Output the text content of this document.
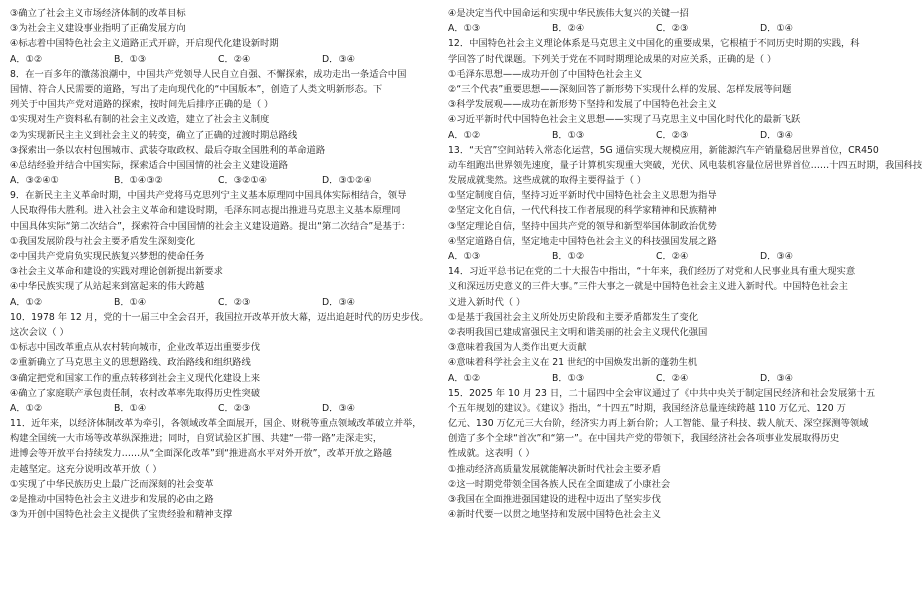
③确立了社会主义市场经济体制的改革目标
③为社会主义建设事业指明了正确发展方向
④标志着中国特色社会主义道路正式开辟，开启现代化建设新时期
A．①②	B．①③	C．②④	D．③④
8．在一百多年的激荡浪潮中，中国共产党领导人民自立自强、不懈探索，成功走出一条适合中国
国情、符合人民需要的道路，写出了走向现代化的“中国版本”，创造了人类文明新形态。下
列关于中国共产党对道路的探索，按时间先后排序正确的是（ ）
①实现对生产资料私有制的社会主义改造，建立了社会主义制度
②为实现新民主主义到社会主义的转变，确立了正确的过渡时期总路线
③探索出一条以农村包围城市、武装夺取政权、最后夺取全国胜利的革命道路
④总结经验并结合中国实际，探索适合中国国情的社会主义建设道路
A．③②④①	B．①④③②	C．③②①④	D．③①②④
9．在新民主主义革命时期，中国共产党将马克思列宁主义基本原理同中国具体实际相结合，领导
人民取得伟大胜利。进入社会主义革命和建设时期，毛泽东同志提出推进马克思主义基本原理同
中国具体实际“第二次结合”，探索符合中国国情的社会主义建设道路。提出“第二次结合”是基于：
①我国发展阶段与社会主要矛盾发生深刻变化
②中国共产党肩负实现民族复兴梦想的使命任务
③社会主义革命和建设的实践对理论创新提出新要求
④中华民族实现了从站起来到富起来的伟大跨越
A．①②	B．①④	C．②③	D．③④
10．1978 年 12 月，党的十一届三中全会召开，我国拉开改革开放大幕，迈出追赶时代的历史步伐。
这次会议（ ）
①标志中国改革重点从农村转向城市，企业改革迈出重要步伐
②重新确立了马克思主义的思想路线、政治路线和组织路线
③确定把党和国家工作的重点转移到社会主义现代化建设上来
④确立了家庭联产承包责任制，农村改革率先取得历史性突破
A．①②	B．①④	C．②③	D．③④
11．近年来，以经济体制改革为牵引，各领域改革全面展开，国企、财税等重点领域改革破立并举，
构建全国统一大市场等改革纵深推进；同时，自贸试验区扩围、共建“一带一路”走深走实，
进博会等开放平台持续发力……从“全面深化改革”到“推进高水平对外开放”，改革开放之路越
走越坚定。这充分说明改革开放（ ）
①实现了中华民族历史上最广泛而深刻的社会变革
②是推动中国特色社会主义进步和发展的必由之路
③为开创中国特色社会主义提供了宝贵经验和精神支撑
④是决定当代中国命运和实现中华民族伟大复兴的关键一招
A．①③	B．②④	C．②③	D．①④
12．中国特色社会主义理论体系是马克思主义中国化的重要成果，它根植于不同历史时期的实践，科
学回答了时代课题。下列关于党在不同时期理论成果的对应关系，正确的是（ ）
①毛泽东思想——成功开创了中国特色社会主义
②“三个代表”重要思想——深刻回答了新形势下实现什么样的发展、怎样发展等问题
③科学发展观——成功在新形势下坚持和发展了中国特色社会主义
④习近平新时代中国特色社会主义思想——实现了马克思主义中国化时代化的最新飞跃
A．①②	B．①③	C．②③	D．③④
13．“天宫”空间站转入常态化运营，5G 通信实现大规模应用，新能源汽车产销量稳居世界首位，CR450
动车组跑出世界领先速度，量子计算机实现重大突破，光伏、风电装机容量位居世界首位……十四五时期，我国科技
发展成就斐然。这些成就的取得主要得益于（ ）
①坚定制度自信，坚持习近平新时代中国特色社会主义思想为指导
②坚定文化自信，一代代科技工作者展现的科学家精神和民族精神
③坚定理论自信，坚持中国共产党的领导和新型举国体制政治优势
④坚定道路自信，坚定地走中国特色社会主义的科技强国发展之路
A．①③	B．①②	C．②④	D．③④
14．习近平总书记在党的二十大报告中指出，“十年来，我们经历了对党和人民事业具有重大现实意
义和深远历史意义的三件大事。”三件大事之一就是中国特色社会主义进入新时代。中国特色社会主
义进入新时代（ ）
①是基于我国社会主义所处历史阶段和主要矛盾都发生了变化
②表明我国已建成富强民主文明和谐美丽的社会主义现代化强国
③意味着我国为人类作出更大贡献
④意味着科学社会主义在 21 世纪的中国焕发出新的蓬勃生机
A．①②	B．①③	C．②④	D．③④
15．2025 年 10 月 23 日，二十届四中全会审议通过了《中共中央关于制定国民经济和社会发展第十五
个五年规划的建议》。《建议》指出，“十四五”时期，我国经济总量连续跨越 110 万亿元、120 万
亿元、130 万亿元三大台阶，经济实力再上新台阶；人工智能、量子科技、载人航天、深空探测等领域
创造了多个全球“首次”和“第一”。在中国共产党的带领下，我国经济社会各项事业发展取得历史
性成就。这表明（ ）
①推动经济高质量发展就能解决新时代社会主要矛盾
②这一时期党带领全国各族人民在全面建成了小康社会
③我国在全面推进强国建设的进程中迈出了坚实步伐
④新时代要一以贯之地坚持和发展中国特色社会主义
